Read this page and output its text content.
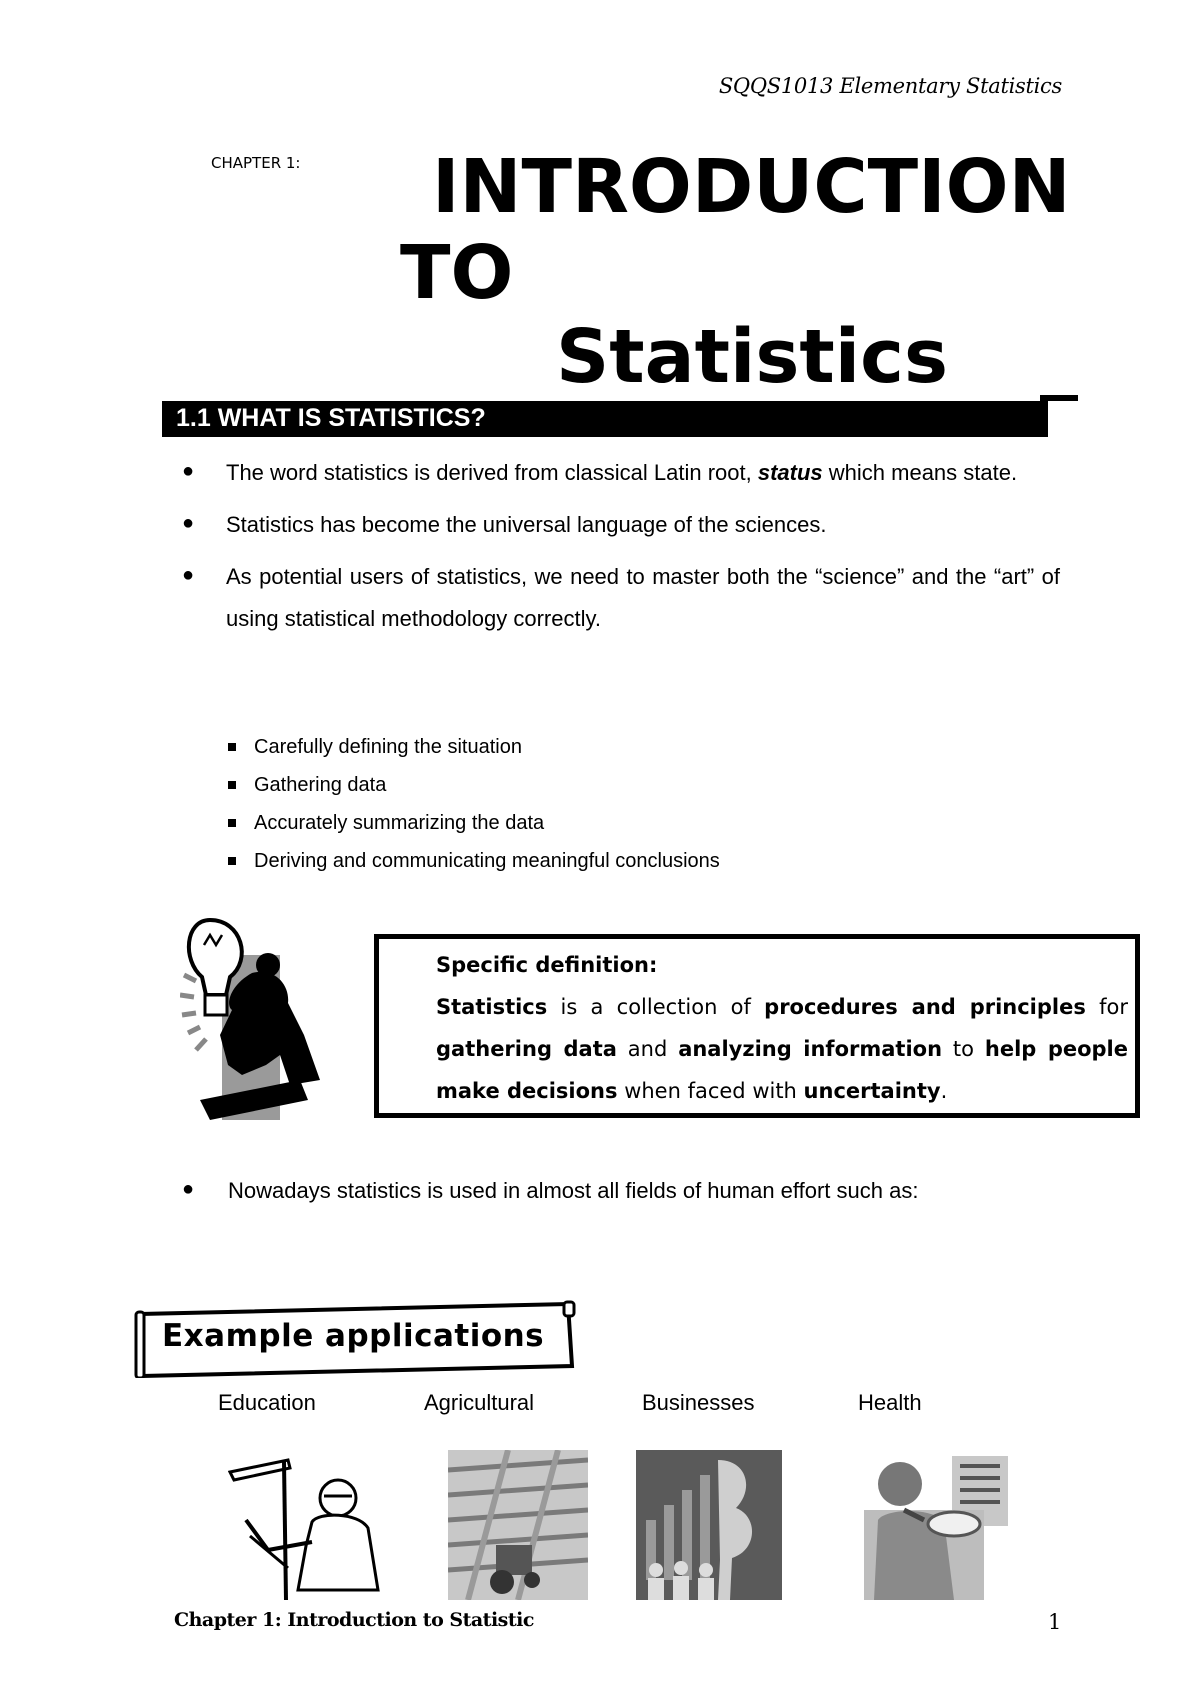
SQQS1013 Elementary Statistics
CHAPTER 1: INTRODUCTION
TO
Statistics
1.1 WHAT IS STATISTICS?
●	The word statistics is derived from classical Latin root, status which means state.
●	Statistics has become the universal language of the sciences.
●	As potential users of statistics, we need to master both the “science” and the “art” of using statistical methodology correctly.
Carefully defining the situation
Gathering data
Accurately summarizing the data
Deriving and communicating meaningful conclusions
Specific definition:
Statistics is a collection of procedures and principles for gathering data and analyzing information to help people make decisions when faced with uncertainty.
●	Nowadays statistics is used in almost all fields of human effort such as:
Example applications
Education	Agricultural	Businesses	Health
Chapter 1: Introduction to Statistic	1
